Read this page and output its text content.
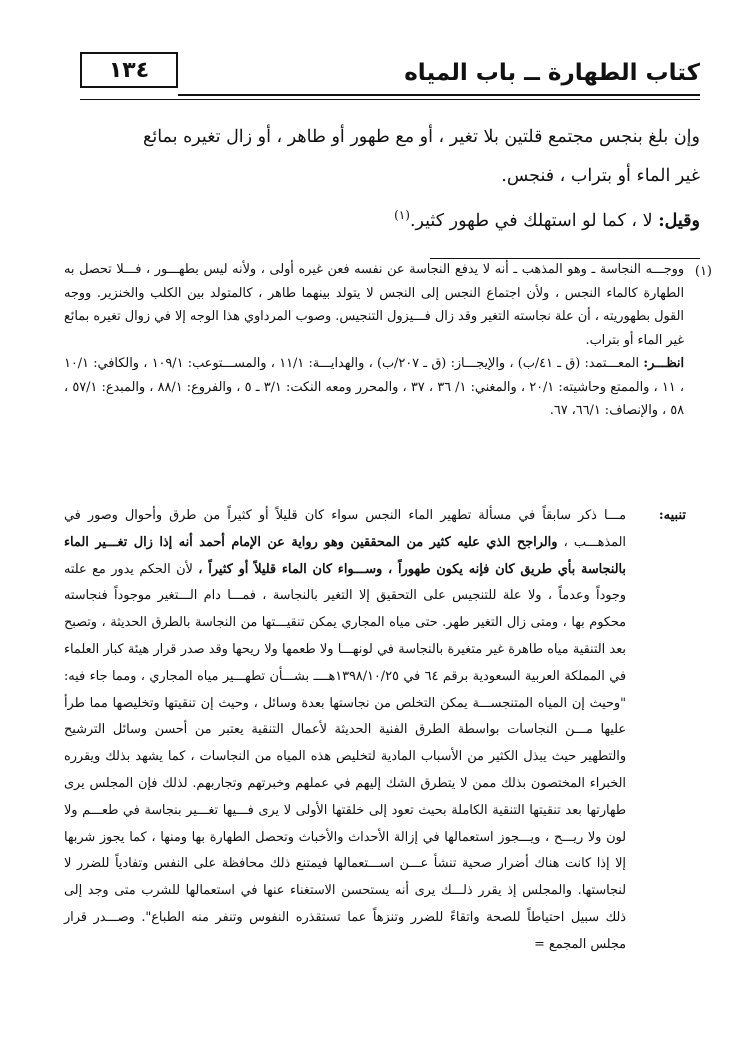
كتاب الطهارة ــ باب المياه
١٣٤

وإن بلغ بنجس مجتمع قلتين بلا تغير ، أو مع طهور أو طاهر ، أو زال تغيره بمائع

غير الماء أو بتراب ، فنجس.

وقيل: لا ، كما لو استهلك في طهور كثير.$^{(١)}$

(١)

ووجـــه النجاسة ـ وهو المذهب ـ أنه لا يدفع النجاسة عن نفسه فعن غيره أولى ، ولأنه ليس بطهـــور ، فـــلا تحصل به الطهارة كالماء النجس ، ولأن اجتماع النجس إلى النجس لا يتولد بينهما طاهر ، كالمتولد بين الكلب والخنزير. ووجه القول بطهوريته ، أن علة نجاسته التغير وقد زال فـــيزول التنجيس. وصوب المرداوي هذا الوجه إلا في زوال تغيره بمائع غير الماء أو بتراب.

انظـــر: المعـــتمد: (ق ـ ٤١/ب) ، والإيجـــاز: (ق ـ ٢٠٧/ب) ، والهدايـــة: ١١/١ ، والمســـتوعب: ١٠٩/١ ، والكافي: ١٠/١ ، ١١ ، والممتع وحاشيته: ٢٠/١ ، والمغني: ١/ ٣٦ ، ٣٧ ، والمحرر ومعه النكت: ٣/١ ـ ٥ ، والفروع: ٨٨/١ ، والمبدع: ٥٧/١ ، ٥٨ ، والإنصاف: ٦٦/١، ٦٧.

تنبيه:

مـــا ذكر سابقاً في مسألة تطهير الماء النجس سواء كان قليلاً أو كثيراً من طرق وأحوال وصور في المذهـــب ، والراجح الذي عليه كثير من المحققين وهو رواية عن الإمام أحمد أنه إذا زال تغـــير الماء بالنجاسة بأي طريق كان فإنه يكون طهوراً ، وســـواء كان الماء قليلاً أو كثيراً ، لأن الحكم يدور مع علته وجوداً وعدماً ، ولا علة للتنجيس على التحقيق إلا التغير بالنجاسة ، فمـــا دام الـــتغير موجوداً فنجاسته محكوم بها ، ومتى زال التغير طهر. حتى مياه المجاري يمكن تنقيـــتها من النجاسة بالطرق الحديثة ، وتصبح بعد التنقية مياه طاهرة غير متغيرة بالنجاسة في لونهـــا ولا طعمها ولا ريحها وقد صدر قرار هيئة كبار العلماء في المملكة العربية السعودية برقم ٦٤ في ١٣٩٨/١٠/٢٥هــــ بشـــأن تطهـــير مياه المجاري ، ومما جاء فيه: "وحيث إن المياه المتنجســـة يمكن التخلص من نجاستها بعدة وسائل ، وحيث إن تنقيتها وتخليصها مما طرأ عليها مـــن النجاسات بواسطة الطرق الفنية الحديثة لأعمال التنقية يعتبر من أحسن وسائل الترشيح والتطهير حيث يبذل الكثير من الأسباب المادية لتخليص هذه المياه من النجاسات ، كما يشهد بذلك ويقرره الخبراء المختصون بذلك ممن لا يتطرق الشك إليهم في عملهم وخبرتهم وتجاربهم. لذلك فإن المجلس يرى طهارتها بعد تنقيتها التنقية الكاملة بحيث تعود إلى خلقتها الأولى لا يرى فـــيها تغـــير بنجاسة في طعـــم ولا لون ولا ريـــح ، ويـــجوز استعمالها في إزالة الأحداث والأخباث وتحصل الطهارة بها ومنها ، كما يجوز شربها إلا إذا كانت هناك أضرار صحية تنشأ عـــن اســـتعمالها فيمتنع ذلك محافظة على النفس وتفادياً للضرر لا لنجاستها. والمجلس إذ يقرر ذلـــك يرى أنه يستحسن الاستغناء عنها في استعمالها للشرب متى وجد إلى ذلك سبيل احتياطاً للصحة واتقاءً للضرر وتنزهاً عما تستقذره النفوس وتنفر منه الطباع". وصـــدر قرار مجلس المجمع =
